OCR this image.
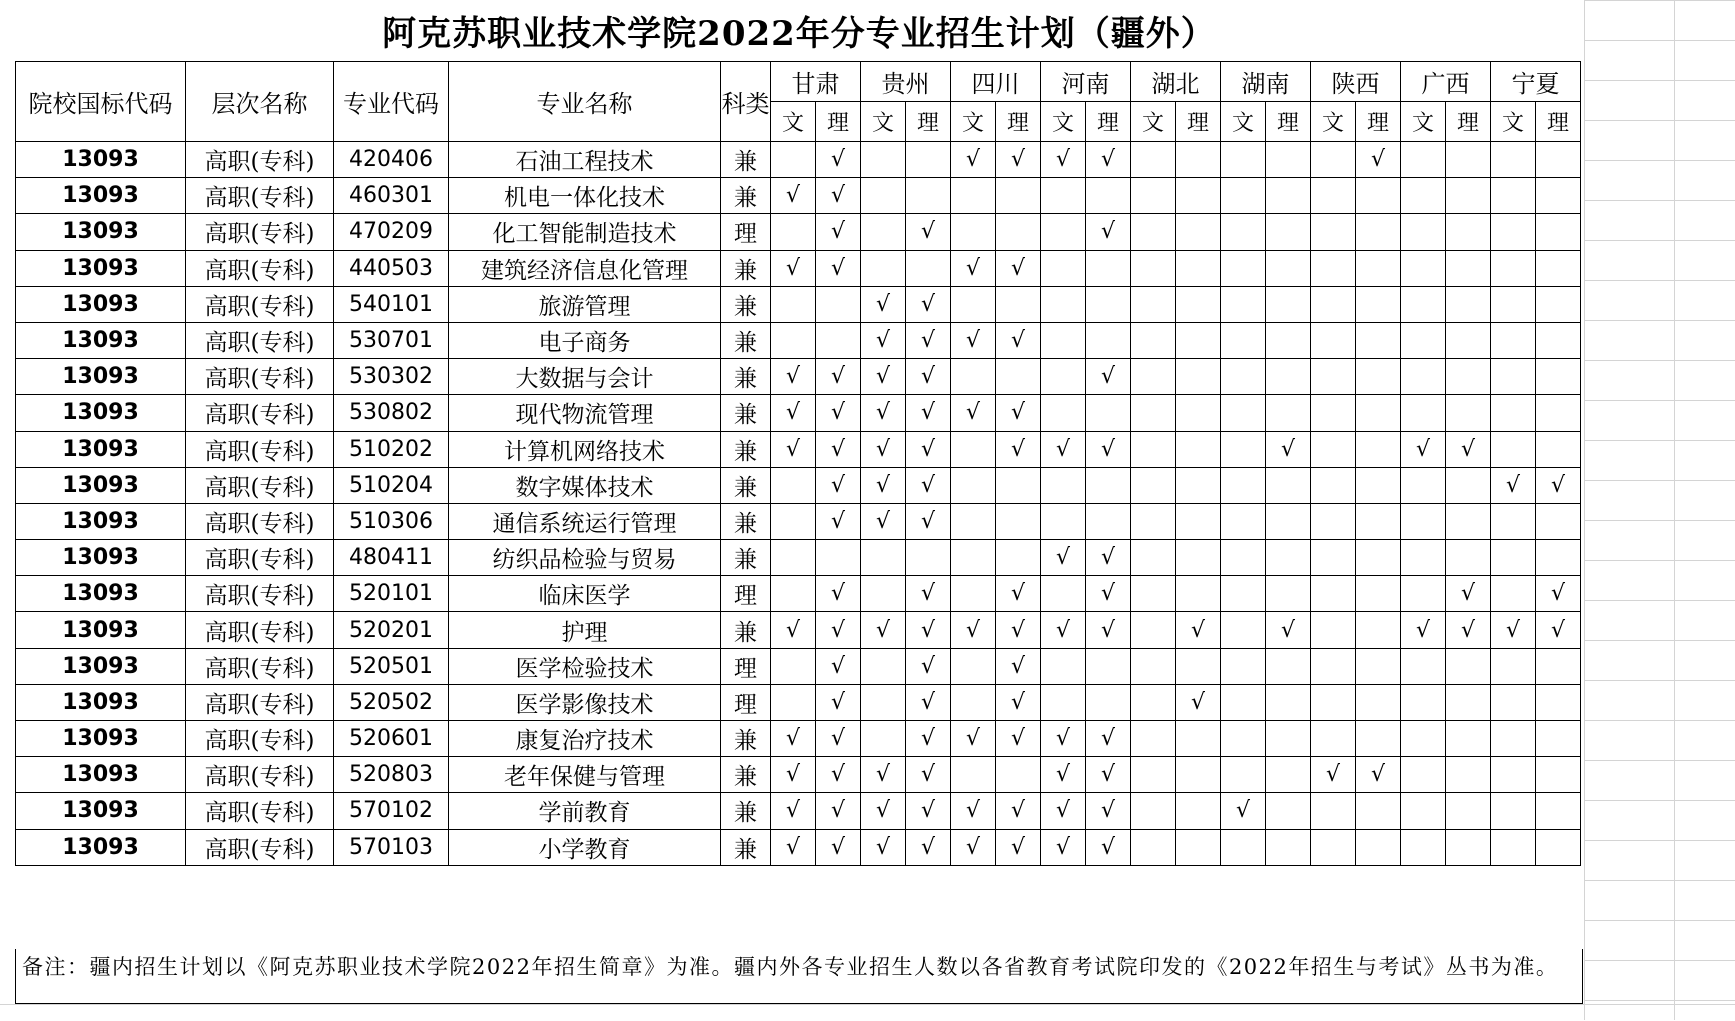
阿克苏职业技术学院2022年分专业招生计划（疆外）
院校国标代码	层次名称	专业代码	专业名称	科类	甘肃		贵州		四川		河南		湖北		湖南		陕西		广西		宁夏	
					文	理	文	理	文	理	文	理	文	理	文	理	文	理	文	理	文	理
13093	高职(专科)	420406	石油工程技术	兼		√			√	√	√	√						√				
13093	高职(专科)	460301	机电一体化技术	兼	√	√																
13093	高职(专科)	470209	化工智能制造技术	理		√		√				√										
13093	高职(专科)	440503	建筑经济信息化管理	兼	√	√			√	√												
13093	高职(专科)	540101	旅游管理	兼			√	√														
13093	高职(专科)	530701	电子商务	兼			√	√	√	√												
13093	高职(专科)	530302	大数据与会计	兼	√	√	√	√				√										
13093	高职(专科)	530802	现代物流管理	兼	√	√	√	√	√	√												
13093	高职(专科)	510202	计算机网络技术	兼	√	√	√	√		√	√	√				√			√	√		
13093	高职(专科)	510204	数字媒体技术	兼		√	√	√													√	√
13093	高职(专科)	510306	通信系统运行管理	兼		√	√	√														
13093	高职(专科)	480411	纺织品检验与贸易	兼							√	√										
13093	高职(专科)	520101	临床医学	理		√		√		√		√								√		√
13093	高职(专科)	520201	护理	兼	√	√	√	√	√	√	√	√		√		√			√	√	√	√
13093	高职(专科)	520501	医学检验技术	理		√		√		√												
13093	高职(专科)	520502	医学影像技术	理		√		√		√				√								
13093	高职(专科)	520601	康复治疗技术	兼	√	√		√	√	√	√	√										
13093	高职(专科)	520803	老年保健与管理	兼	√	√	√	√			√	√					√	√				
13093	高职(专科)	570102	学前教育	兼	√	√	√	√	√	√	√	√			√							
13093	高职(专科)	570103	小学教育	兼	√	√	√	√	√	√	√	√										
备注：疆内招生计划以《阿克苏职业技术学院2022年招生简章》为准。疆内外各专业招生人数以各省教育考试院印发的《2022年招生与考试》丛书为准。
